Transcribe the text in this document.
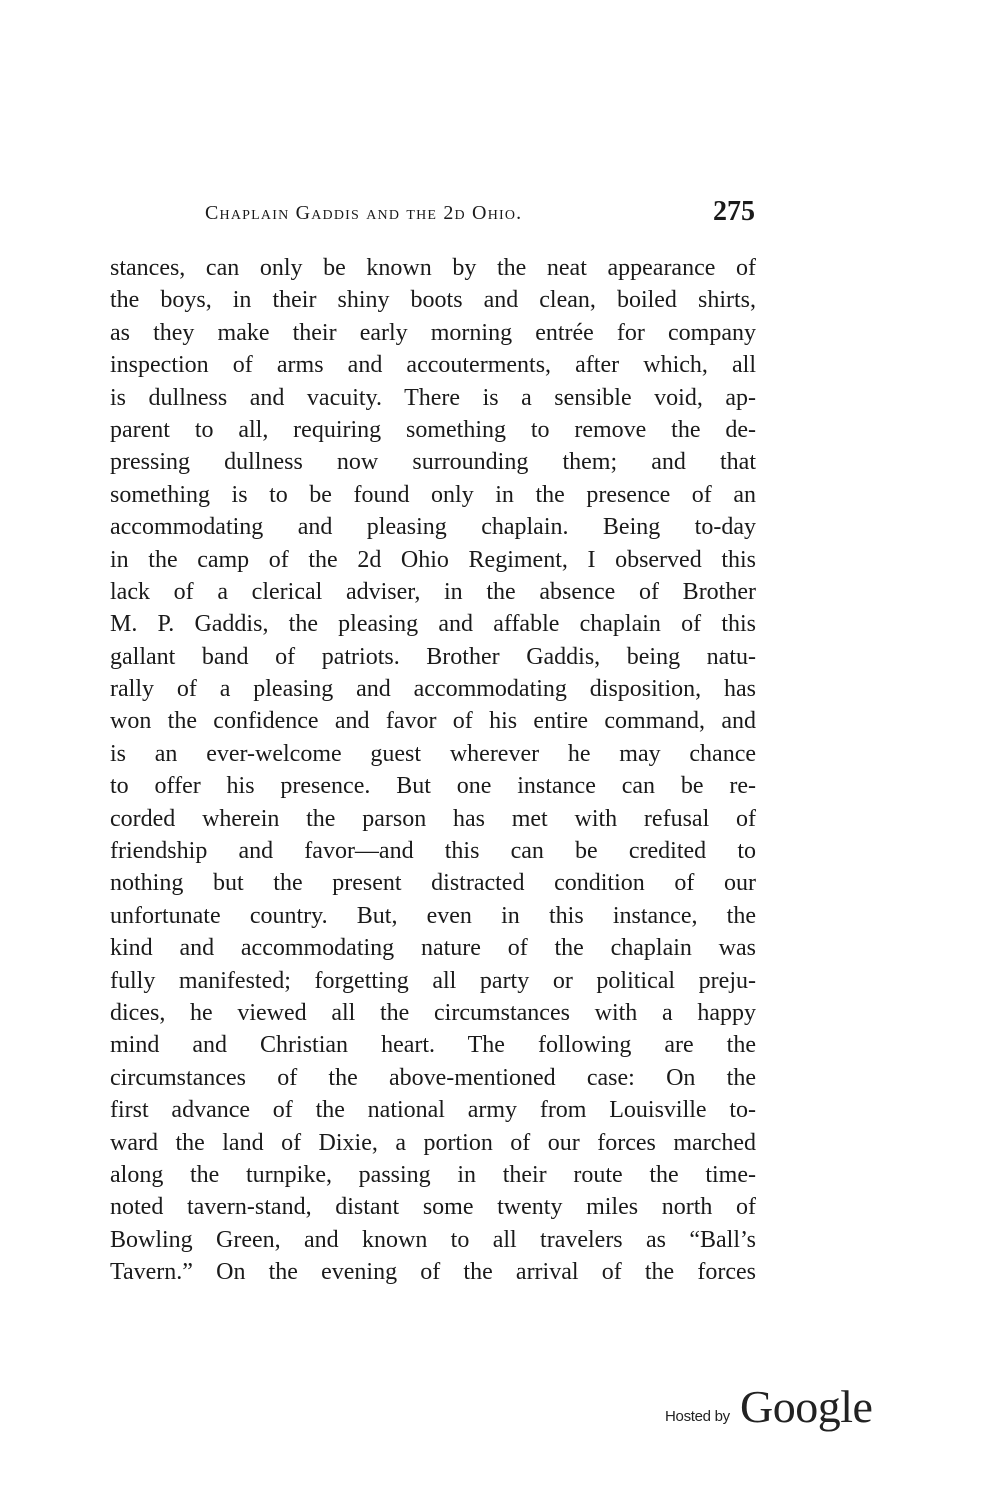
Chaplain Gaddis and the 2d Ohio.	275
stances, can only be known by the neat appearance of
the boys, in their shiny boots and clean, boiled shirts,
as they make their early morning entrée for company
inspection of arms and accouterments, after which, all
is dullness and vacuity. There is a sensible void, ap-
parent to all, requiring something to remove the de-
pressing dullness now surrounding them; and that
something is to be found only in the presence of an
accommodating and pleasing chaplain. Being to-day
in the camp of the 2d Ohio Regiment, I observed this
lack of a clerical adviser, in the absence of Brother
M. P. Gaddis, the pleasing and affable chaplain of this
gallant band of patriots. Brother Gaddis, being natu-
rally of a pleasing and accommodating disposition, has
won the confidence and favor of his entire command, and
is an ever-welcome guest wherever he may chance
to offer his presence. But one instance can be re-
corded wherein the parson has met with refusal of
friendship and favor—and this can be credited to
nothing but the present distracted condition of our
unfortunate country. But, even in this instance, the
kind and accommodating nature of the chaplain was
fully manifested; forgetting all party or political preju-
dices, he viewed all the circumstances with a happy
mind and Christian heart. The following are the
circumstances of the above-mentioned case: On the
first advance of the national army from Louisville to-
ward the land of Dixie, a portion of our forces marched
along the turnpike, passing in their route the time-
noted tavern-stand, distant some twenty miles north of
Bowling Green, and known to all travelers as “Ball’s
Tavern.” On the evening of the arrival of the forces
Hosted by Google
